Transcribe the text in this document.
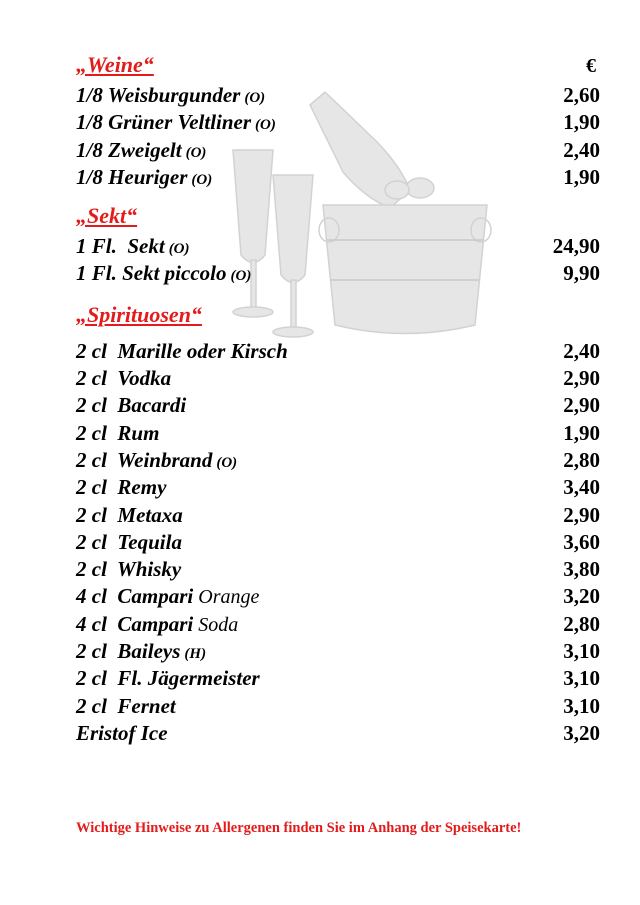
„Weine“	€
1/8 Weisburgunder (O)	2,60
1/8 Grüner Veltliner (O)	1,90
1/8 Zweigelt (O)	2,40
1/8 Heuriger (O)	1,90
„Sekt“
1 Fl.  Sekt (O)	24,90
1 Fl. Sekt piccolo (O)	9,90
„Spirituosen“
2 cl  Marille oder Kirsch	2,40
2 cl  Vodka	2,90
2 cl  Bacardi	2,90
2 cl  Rum	1,90
2 cl  Weinbrand (O)	2,80
2 cl  Remy	3,40
2 cl  Metaxa	2,90
2 cl  Tequila	3,60
2 cl  Whisky	3,80
4 cl  Campari Orange	3,20
4 cl  Campari Soda	2,80
2 cl  Baileys (H)	3,10
2 cl  Fl. Jägermeister	3,10
2 cl  Fernet	3,10
Eristof Ice	3,20
Wichtige Hinweise zu Allergenen finden Sie im Anhang der Speisekarte!
